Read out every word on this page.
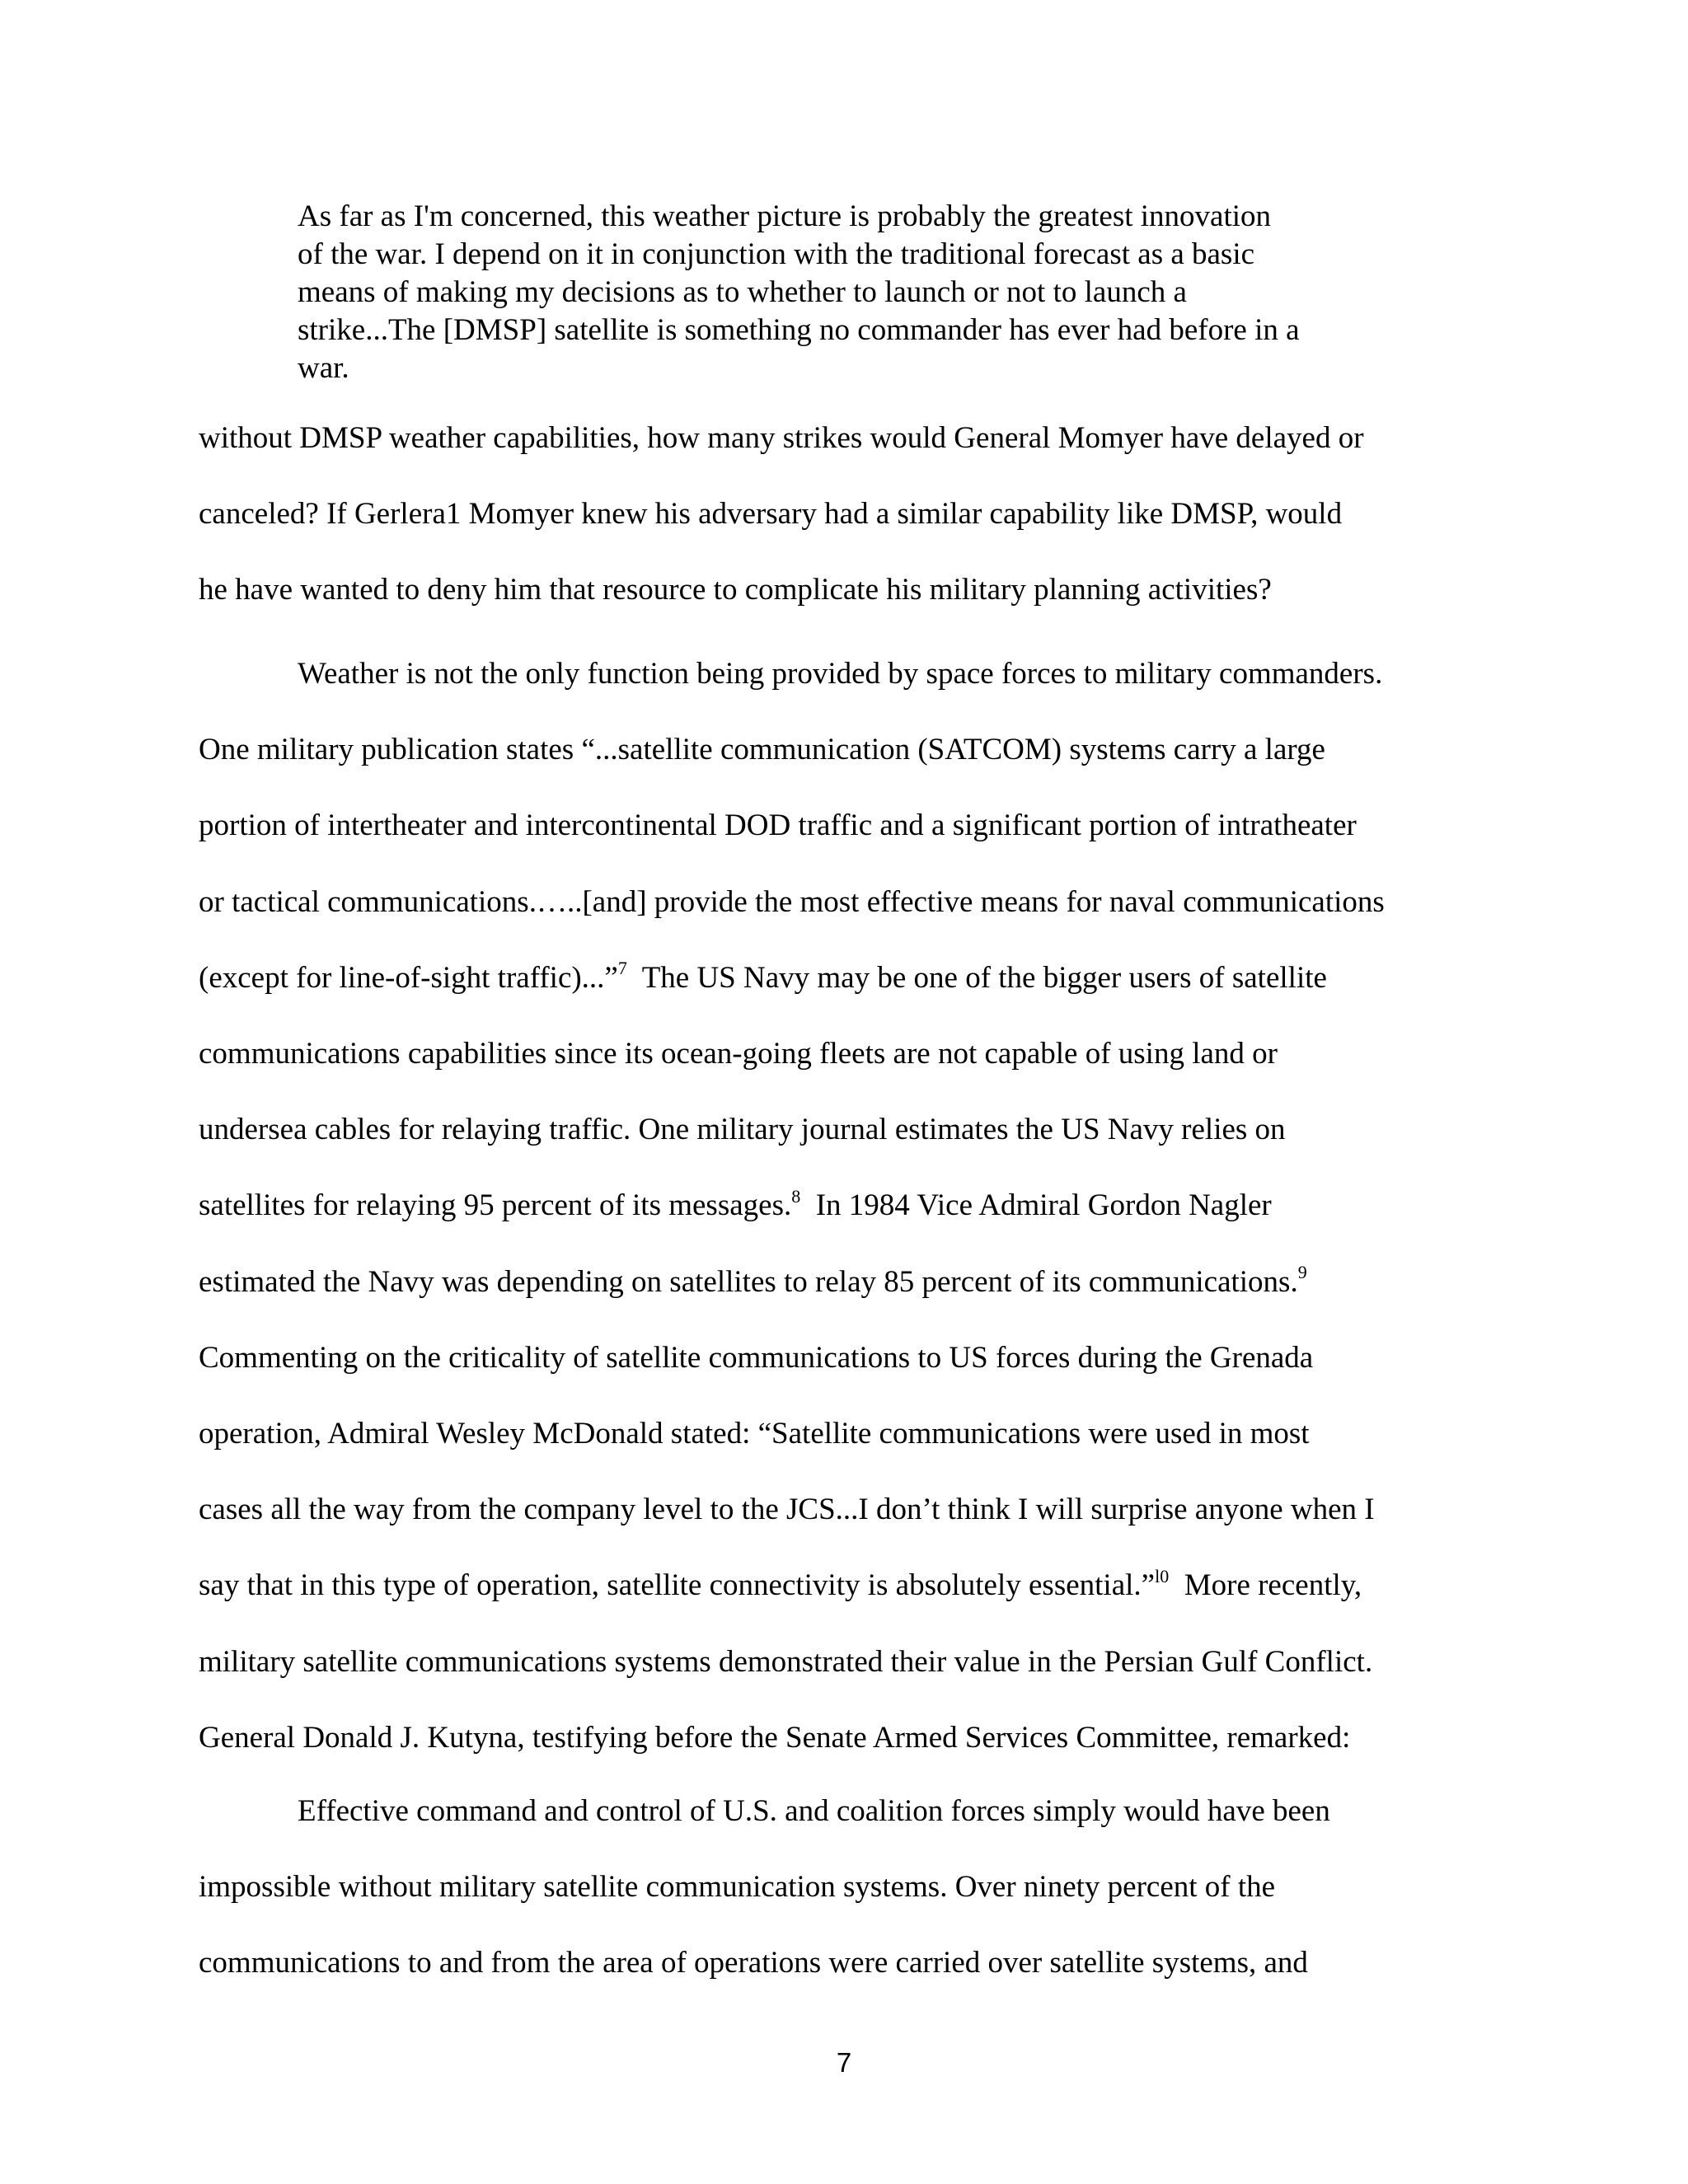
As far as I'm concerned, this weather picture is probably the greatest innovation
of the war. I depend on it in conjunction with the traditional forecast as a basic
means of making my decisions as to whether to launch or not to launch a
strike...The [DMSP] satellite is something no commander has ever had before in a
war.
without DMSP weather capabilities, how many strikes would General Momyer have delayed or
canceled? If Gerlera1 Momyer knew his adversary had a similar capability like DMSP, would
he have wanted to deny him that resource to complicate his military planning activities?
Weather is not the only function being provided by space forces to military commanders.
One military publication states “...satellite communication (SATCOM) systems carry a large
portion of intertheater and intercontinental DOD traffic and a significant portion of intratheater
or tactical communications.…..[and] provide the most effective means for naval communications
(except for line-of-sight traffic)...”$^7$  The US Navy may be one of the bigger users of satellite
communications capabilities since its ocean-going fleets are not capable of using land or
undersea cables for relaying traffic. One military journal estimates the US Navy relies on
satellites for relaying 95 percent of its messages.$^8$  In 1984 Vice Admiral Gordon Nagler
estimated the Navy was depending on satellites to relay 85 percent of its communications.$^9$
Commenting on the criticality of satellite communications to US forces during the Grenada
operation, Admiral Wesley McDonald stated: “Satellite communications were used in most
cases all the way from the company level to the JCS...I don’t think I will surprise anyone when I
say that in this type of operation, satellite connectivity is absolutely essential.”$^{l0}$  More recently,
military satellite communications systems demonstrated their value in the Persian Gulf Conflict.
General Donald J. Kutyna, testifying before the Senate Armed Services Committee, remarked:
Effective command and control of U.S. and coalition forces simply would have been
impossible without military satellite communication systems. Over ninety percent of the
communications to and from the area of operations were carried over satellite systems, and
7
